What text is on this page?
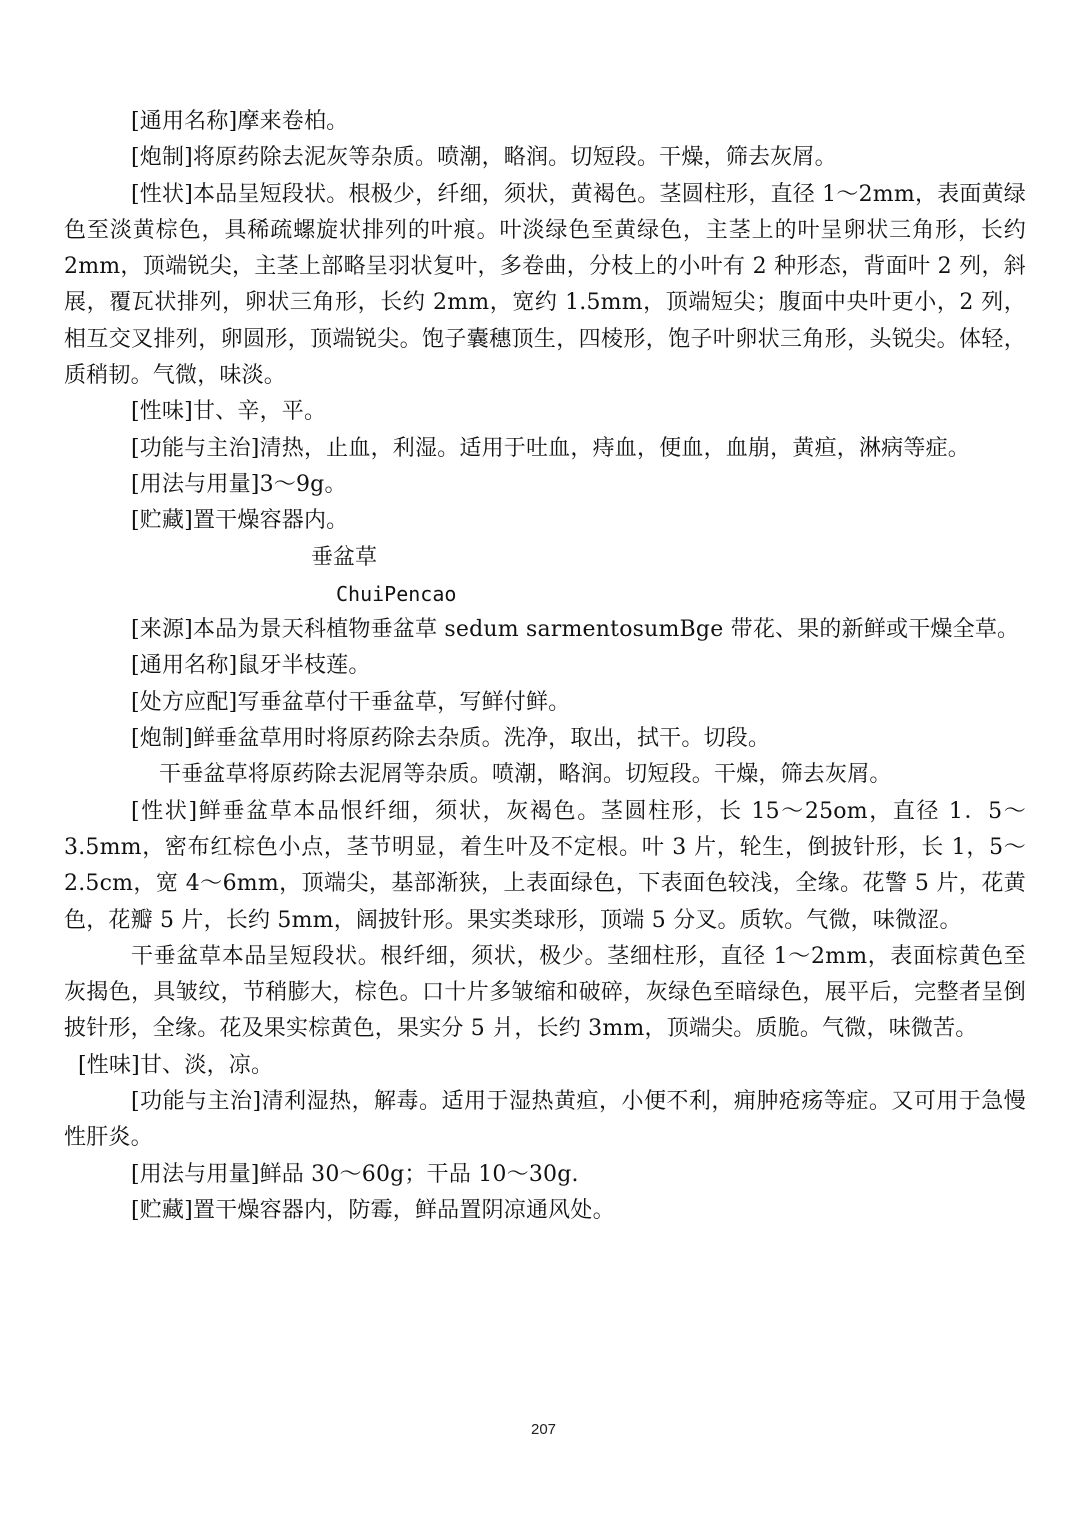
[通用名称]摩来卷柏。

[炮制]将原药除去泥灰等杂质。喷潮，略润。切短段。干燥，筛去灰屑。

[性状]本品呈短段状。根极少，纤细，须状，黄褐色。茎圆柱形，直径 1～2mm，表面黄绿色至淡黄棕色，具稀疏螺旋状排列的叶痕。叶淡绿色至黄绿色，主茎上的叶呈卵状三角形，长约 2mm，顶端锐尖，主茎上部略呈羽状复叶，多卷曲，分枝上的小叶有 2 种形态，背面叶 2 列，斜展，覆瓦状排列，卵状三角形，长约 2mm，宽约 1.5mm，顶端短尖；腹面中央叶更小，2 列，相互交叉排列，卵圆形，顶端锐尖。饱子囊穗顶生，四棱形，饱子叶卵状三角形，头锐尖。体轻，质稍韧。气微，味淡。

[性味]甘、辛，平。

[功能与主治]清热，止血，利湿。适用于吐血，痔血，便血，血崩，黄疸，淋病等症。

[用法与用量]3～9g。

[贮藏]置干燥容器内。

垂盆草

ChuiPencao

[来源]本品为景天科植物垂盆草 sedum sarmentosumBge 带花、果的新鲜或干燥全草。

[通用名称]鼠牙半枝莲。

[处方应配]写垂盆草付干垂盆草，写鲜付鲜。

[炮制]鲜垂盆草用时将原药除去杂质。洗净，取出，拭干。切段。

干垂盆草将原药除去泥屑等杂质。喷潮，略润。切短段。干燥，筛去灰屑。

[性状]鲜垂盆草本品恨纤细，须状，灰褐色。茎圆柱形，长 15～25om，直径 1．5～3.5mm，密布红棕色小点，茎节明显，着生叶及不定根。叶 3 片，轮生，倒披针形，长 1，5～2.5cm，宽 4～6mm，顶端尖，基部渐狭，上表面绿色，下表面色较浅，全缘。花警 5 片，花黄色，花瓣 5 片，长约 5mm，阔披针形。果实类球形，顶端 5 分叉。质软。气微，味微涩。

干垂盆草本品呈短段状。根纤细，须状，极少。茎细柱形，直径 1～2mm，表面棕黄色至灰揭色，具皱纹，节稍膨大，棕色。口十片多皱缩和破碎，灰绿色至暗绿色，展平后，完整者呈倒披针形，全缘。花及果实棕黄色，果实分 5 爿，长约 3mm，顶端尖。质脆。气微，味微苦。

[性味]甘、淡，凉。

[功能与主治]清利湿热，解毒。适用于湿热黄疸，小便不利，痈肿疮疡等症。又可用于急慢性肝炎。

[用法与用量]鲜品 30～60g；干品 10～30g.

[贮藏]置干燥容器内，防霉，鲜品置阴凉通风处。

207
